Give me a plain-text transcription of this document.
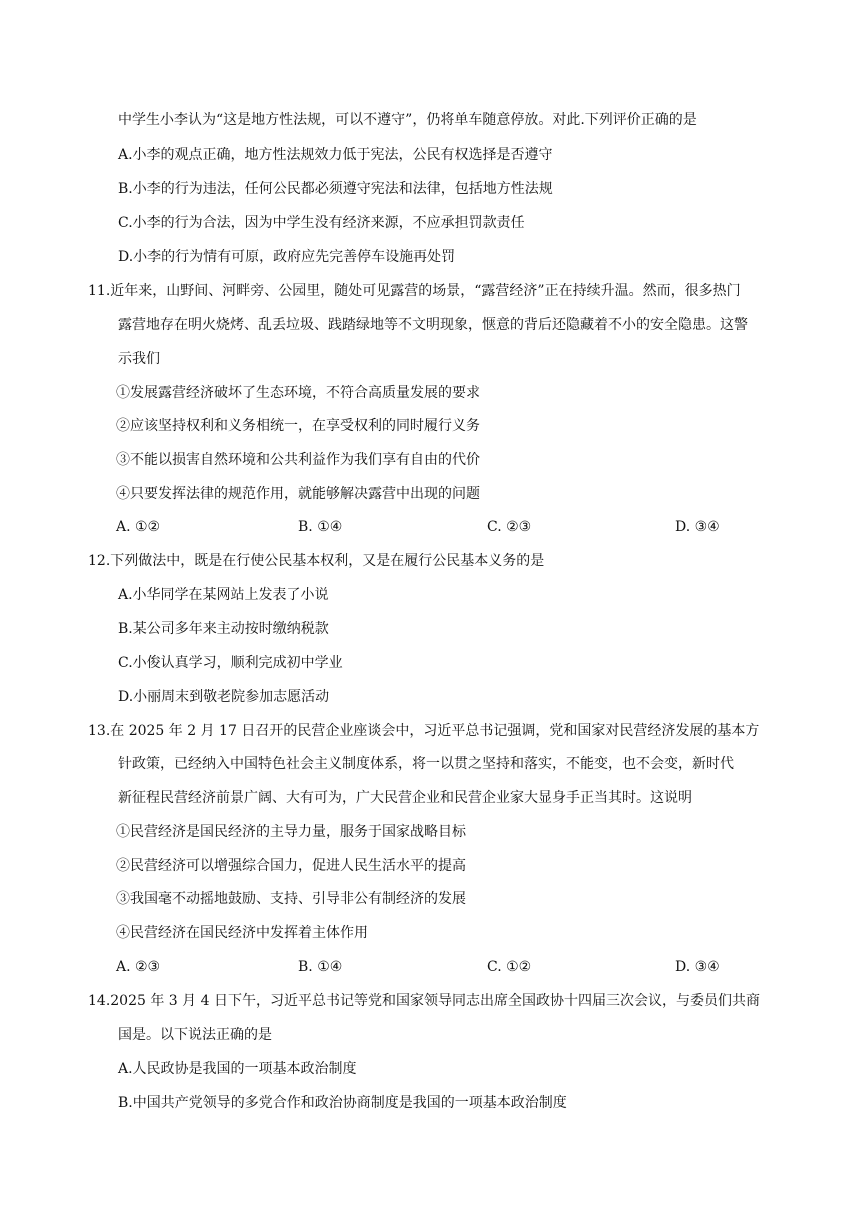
中学生小李认为“这是地方性法规，可以不遵守”，仍将单车随意停放。对此.下列评价正确的是
A.小李的观点正确，地方性法规效力低于宪法，公民有权选择是否遵守
B.小李的行为违法，任何公民都必须遵守宪法和法律，包括地方性法规
C.小李的行为合法，因为中学生没有经济来源，不应承担罚款责任
D.小李的行为情有可原，政府应先完善停车设施再处罚
11.近年来，山野间、河畔旁、公园里，随处可见露营的场景，“露营经济”正在持续升温。然而，很多热门
露营地存在明火烧烤、乱丢垃圾、践踏绿地等不文明现象，惬意的背后还隐藏着不小的安全隐患。这警
示我们
①发展露营经济破坏了生态环境，不符合高质量发展的要求
②应该坚持权利和义务相统一，在享受权利的同时履行义务
③不能以损害自然环境和公共利益作为我们享有自由的代价
④只要发挥法律的规范作用，就能够解决露营中出现的问题
A. ①②	B. ①④	C. ②③	D. ③④
12.下列做法中，既是在行使公民基本权利，又是在履行公民基本义务的是
A.小华同学在某网站上发表了小说
B.某公司多年来主动按时缴纳税款
C.小俊认真学习，顺利完成初中学业
D.小丽周末到敬老院参加志愿活动
13.在 2025 年 2 月 17 日召开的民营企业座谈会中，习近平总书记强调，党和国家对民营经济发展的基本方
针政策，已经纳入中国特色社会主义制度体系，将一以贯之坚持和落实，不能变，也不会变，新时代
新征程民营经济前景广阔、大有可为，广大民营企业和民营企业家大显身手正当其时。这说明
①民营经济是国民经济的主导力量，服务于国家战略目标
②民营经济可以增强综合国力，促进人民生活水平的提高
③我国毫不动摇地鼓励、支持、引导非公有制经济的发展
④民营经济在国民经济中发挥着主体作用
A. ②③	B. ①④	C. ①②	D. ③④
14.2025 年 3 月 4 日下午，习近平总书记等党和国家领导同志出席全国政协十四届三次会议，与委员们共商
国是。以下说法正确的是
A.人民政协是我国的一项基本政治制度
B.中国共产党领导的多党合作和政治协商制度是我国的一项基本政治制度
